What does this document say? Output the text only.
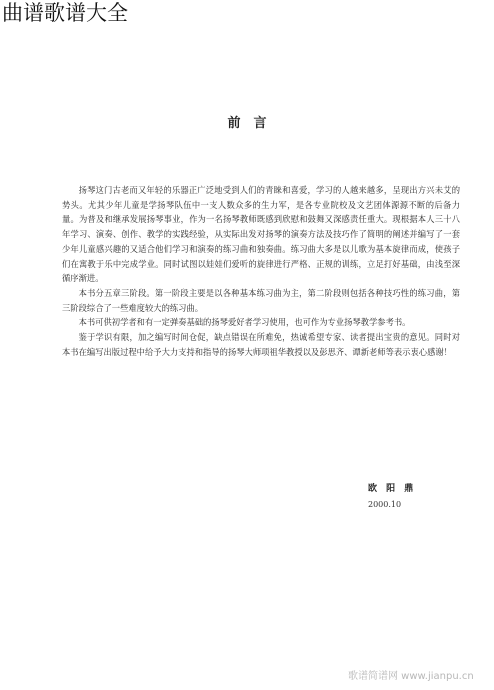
曲谱歌谱大全
前言

扬琴这门古老而又年轻的乐器正广泛地受到人们的青睐和喜爱，学习的人越来越多，呈现出方兴未艾的势头。尤其少年儿童是学扬琴队伍中一支人数众多的生力军，是各专业院校及文艺团体源源不断的后备力量。为普及和继承发展扬琴事业，作为一名扬琴教师既感到欣慰和鼓舞又深感责任重大。现根据本人三十八年学习、演奏、创作、教学的实践经验，从实际出发对扬琴的演奏方法及技巧作了简明的阐述并编写了一套少年儿童感兴趣的又适合他们学习和演奏的练习曲和独奏曲。练习曲大多是以儿歌为基本旋律而成，使孩子们在寓教于乐中完成学业。同时试图以娃娃们爱听的旋律进行严格、正规的训练，立足打好基础，由浅至深循序渐进。

本书分五章三阶段。第一阶段主要是以各种基本练习曲为主，第二阶段则包括各种技巧性的练习曲，第三阶段综合了一些难度较大的练习曲。

本书可供初学者和有一定弹奏基础的扬琴爱好者学习使用，也可作为专业扬琴教学参考书。

鉴于学识有限，加之编写时间仓促，缺点错误在所难免，热诚希望专家、读者提出宝贵的意见。同时对本书在编写出版过程中给予大力支持和指导的扬琴大师项祖华教授以及彭思齐、谭新老师等表示衷心感谢！

欧 阳 鼎
2000.10
歌谱简谱网 www.jianpu.cn
